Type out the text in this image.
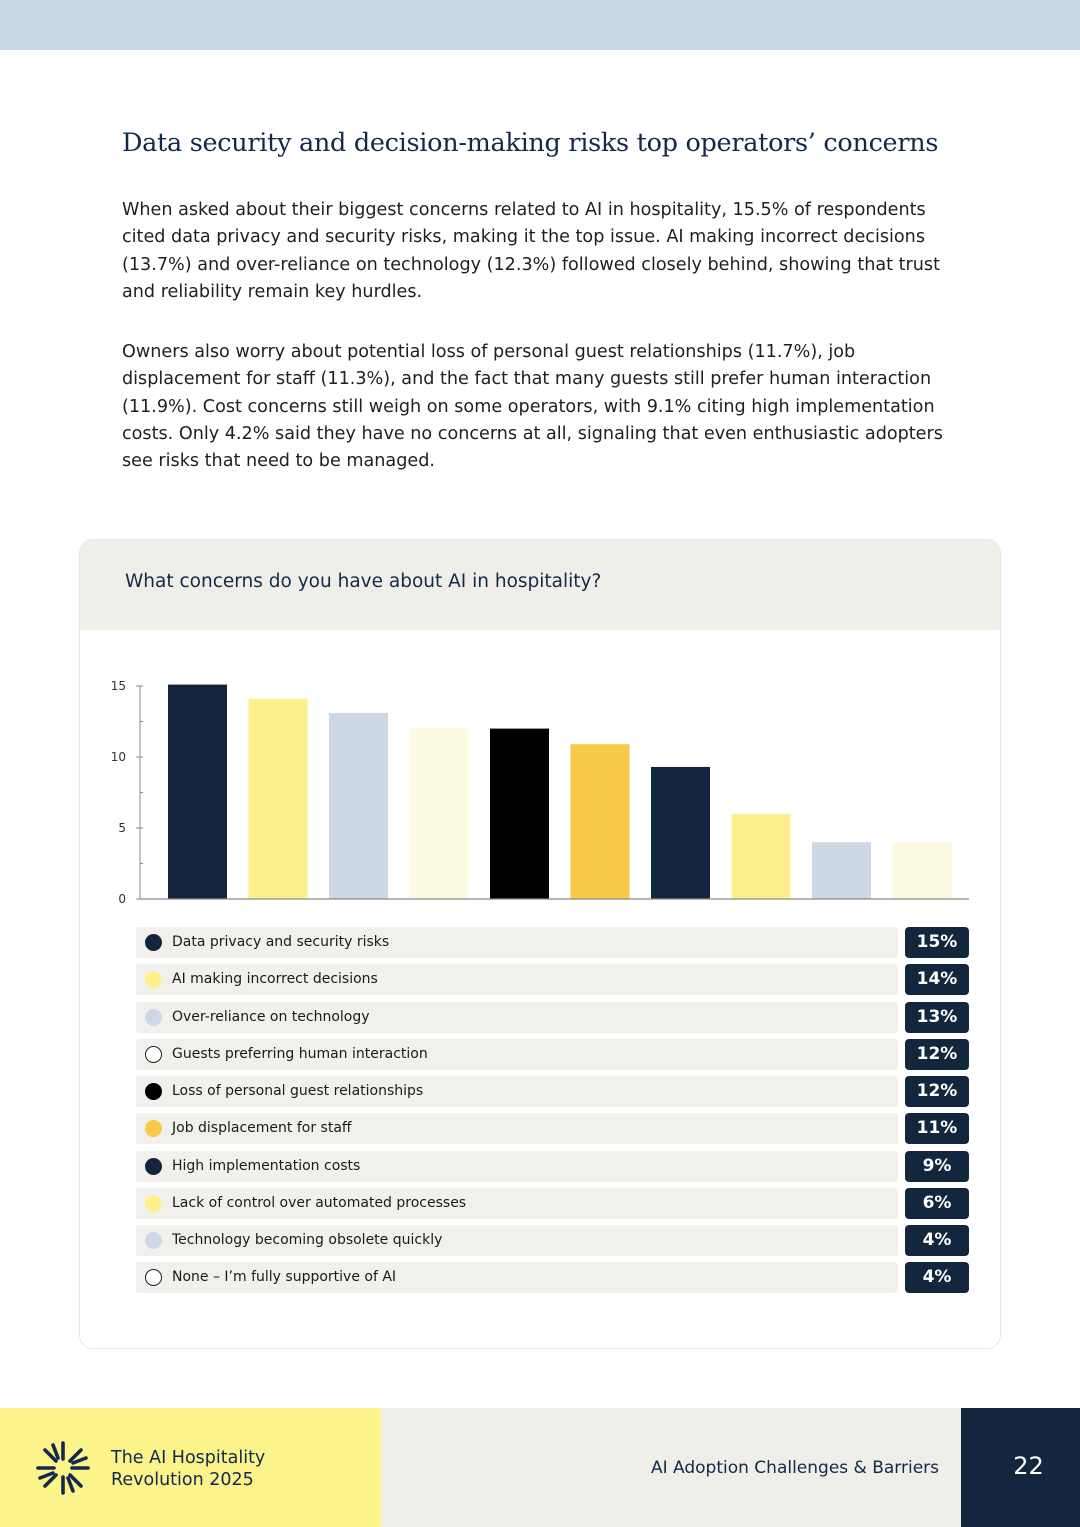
Data security and decision-making risks top operators’ concerns

When asked about their biggest concerns related to AI in hospitality, 15.5% of respondents cited data privacy and security risks, making it the top issue. AI making incorrect decisions (13.7%) and over-reliance on technology (12.3%) followed closely behind, showing that trust and reliability remain key hurdles.

Owners also worry about potential loss of personal guest relationships (11.7%), job displacement for staff (11.3%), and the fact that many guests still prefer human interaction (11.9%). Cost concerns still weigh on some operators, with 9.1% citing high implementation costs. Only 4.2% said they have no concerns at all, signaling that even enthusiastic adopters see risks that need to be managed.

What concerns do you have about AI in hospitality?
0
5
10
15
Data privacy and security risks	15%
AI making incorrect decisions	14%
Over-reliance on technology	13%
Guests preferring human interaction	12%
Loss of personal guest relationships	12%
Job displacement for staff	11%
High implementation costs	9%
Lack of control over automated processes	6%
Technology becoming obsolete quickly	4%
None – I’m fully supportive of AI	4%
The AI Hospitality
Revolution 2025
AI Adoption Challenges & Barriers	22
